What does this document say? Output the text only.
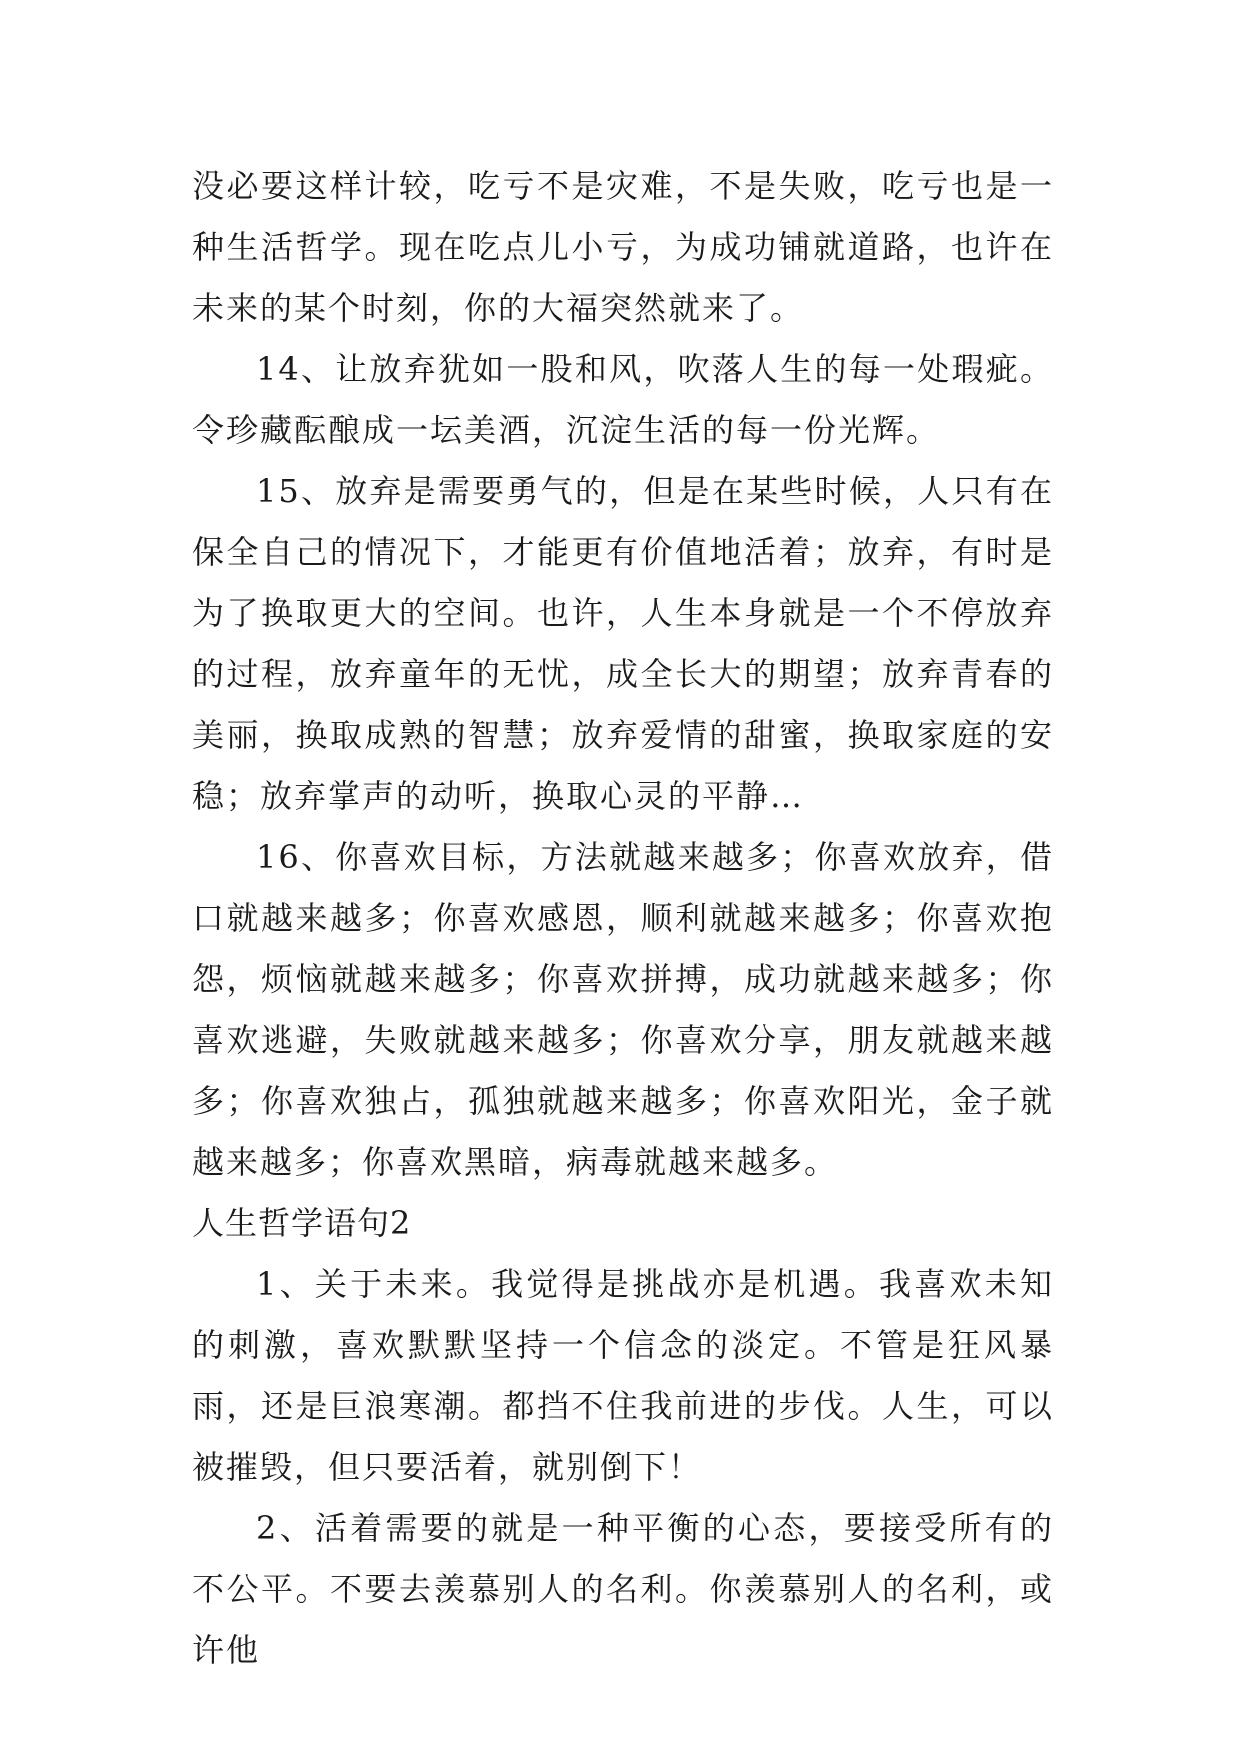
没必要这样计较，吃亏不是灾难，不是失败，吃亏也是一种生活哲学。现在吃点儿小亏，为成功铺就道路，也许在未来的某个时刻，你的大福突然就来了。

14、让放弃犹如一股和风，吹落人生的每一处瑕疵。令珍藏酝酿成一坛美酒，沉淀生活的每一份光辉。

15、放弃是需要勇气的，但是在某些时候，人只有在保全自己的情况下，才能更有价值地活着；放弃，有时是为了换取更大的空间。也许，人生本身就是一个不停放弃的过程，放弃童年的无忧，成全长大的期望；放弃青春的美丽，换取成熟的智慧；放弃爱情的甜蜜，换取家庭的安稳；放弃掌声的动听，换取心灵的平静…

16、你喜欢目标，方法就越来越多；你喜欢放弃，借口就越来越多；你喜欢感恩，顺利就越来越多；你喜欢抱怨，烦恼就越来越多；你喜欢拼搏，成功就越来越多；你喜欢逃避，失败就越来越多；你喜欢分享，朋友就越来越多；你喜欢独占，孤独就越来越多；你喜欢阳光，金子就越来越多；你喜欢黑暗，病毒就越来越多。

人生哲学语句2

1、关于未来。我觉得是挑战亦是机遇。我喜欢未知的刺激，喜欢默默坚持一个信念的淡定。不管是狂风暴雨，还是巨浪寒潮。都挡不住我前进的步伐。人生，可以被摧毁，但只要活着，就别倒下！

2、活着需要的就是一种平衡的心态，要接受所有的不公平。不要去羡慕别人的名利。你羡慕别人的名利，或许他
